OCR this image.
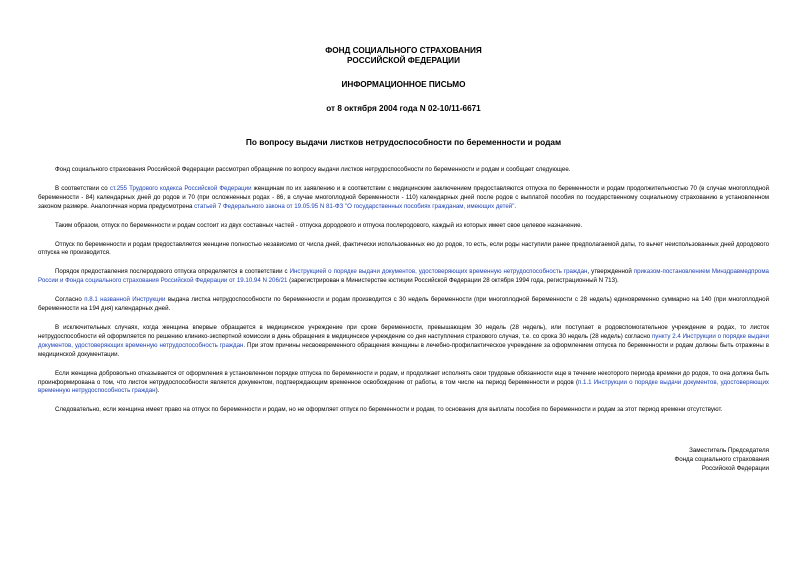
ФОНД СОЦИАЛЬНОГО СТРАХОВАНИЯ
РОССИЙСКОЙ ФЕДЕРАЦИИ
ИНФОРМАЦИОННОЕ ПИСЬМО
от 8 октября 2004 года N 02-10/11-6671
По вопросу выдачи листков нетрудоспособности по беременности и родам

Фонд социального страхования Российской Федерации рассмотрел обращение по вопросу выдачи листков нетрудоспособности по беременности и родам и сообщает следующее.

В соответствии со ст.255 Трудового кодекса Российской Федерации женщинам по их заявлению и в соответствии с медицинским заключением предоставляются отпуска по беременности и родам продолжительностью 70 (в случае многоплодной беременности - 84) календарных дней до родов и 70 (при осложненных родах - 86, в случае многоплодной беременности - 110) календарных дней после родов с выплатой пособия по государственному социальному страхованию в установленном законом размере. Аналогичная норма предусмотрена статьей 7 Федерального закона от 19.05.95 N 81-ФЗ "О государственных пособиях гражданам, имеющих детей".

Таким образом, отпуск по беременности и родам состоит из двух составных частей - отпуска дородового и отпуска послеродового, каждый из которых имеет свое целевое назначение.

Отпуск по беременности и родам предоставляется женщине полностью независимо от числа дней, фактически использованных ею до родов, то есть, если роды наступили ранее предполагаемой даты, то вычет неиспользованных дней дородового отпуска не производится.

Порядок предоставления послеродового отпуска определяется в соответствии с Инструкцией о порядке выдачи документов, удостоверяющих временную нетрудоспособность граждан, утвержденной приказом-постановлением Минздравмедпрома России и Фонда социального страхования Российской Федерации от 19.10.94 N 206/21 (зарегистрирован в Министерстве юстиции Российской Федерации 28 октября 1994 года, регистрационный N 713).

Согласно п.8.1 названной Инструкции выдача листка нетрудоспособности по беременности и родам производится с 30 недель беременности (при многоплодной беременности с 28 недель) единовременно суммарно на 140 (при многоплодной беременности на 194 дня) календарных дней.

В исключительных случаях, когда женщина впервые обращается в медицинское учреждение при сроке беременности, превышающем 30 недель (28 недель), или поступает в родовспомогательное учреждение в родах, то листок нетрудоспособности ей оформляется по решению клинико-экспертной комиссии в день обращения в медицинское учреждение со дня наступления страхового случая, т.е. со срока 30 недель (28 недель) согласно пункту 2.4 Инструкции о порядке выдачи документов, удостоверяющих временную нетрудоспособность граждан. При этом причины несвоевременного обращения женщины в лечебно-профилактическое учреждение за оформлением отпуска по беременности и родам должны быть отражены в медицинской документации.

Если женщина добровольно отказывается от оформления в установленном порядке отпуска по беременности и родам, и продолжает исполнять свои трудовые обязанности еще в течение некоторого периода времени до родов, то она должна быть проинформирована о том, что листок нетрудоспособности является документом, подтверждающим временное освобождение от работы, в том числе на период беременности и родов (п.1.1 Инструкции о порядке выдачи документов, удостоверяющих временную нетрудоспособность граждан).

Следовательно, если женщина имеет право на отпуск по беременности и родам, но не оформляет отпуск по беременности и родам, то основания для выплаты пособия по беременности и родам за этот период времени отсутствуют.

Заместитель Председателя
Фонда социального страхования
Российской Федерации
